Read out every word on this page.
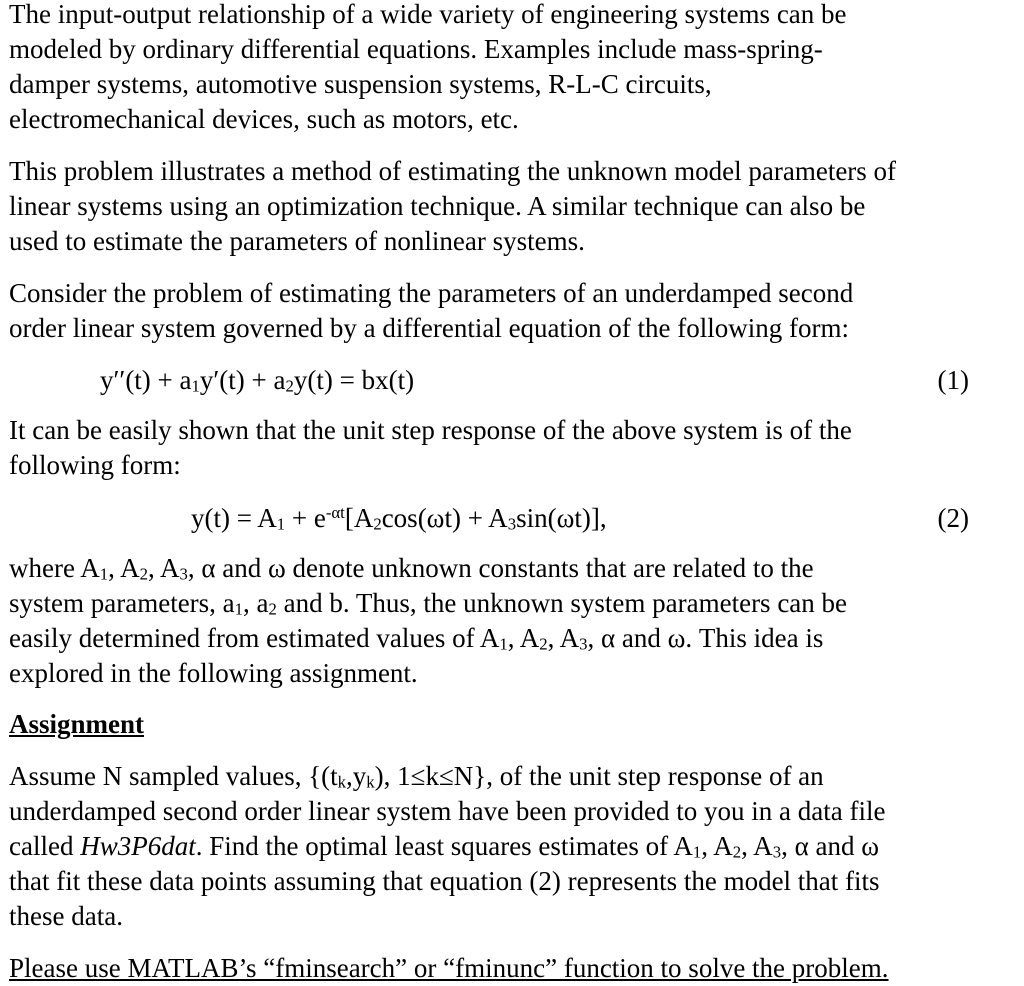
The input-output relationship of a wide variety of engineering systems can be
modeled by ordinary differential equations. Examples include mass-spring-
damper systems, automotive suspension systems, R-L-C circuits,
electromechanical devices, such as motors, etc.

This problem illustrates a method of estimating the unknown model parameters of
linear systems using an optimization technique. A similar technique can also be
used to estimate the parameters of nonlinear systems.

Consider the problem of estimating the parameters of an underdamped second
order linear system governed by a differential equation of the following form:

$y''(t) + a_1y'(t) + a_2y(t) = bx(t)$	(1)

It can be easily shown that the unit step response of the above system is of the
following form:

$y(t) = A_1 + e^{-\alpha t}[A_2\cos(\omega t) + A_3\sin(\omega t)]$,	(2)

where $A_1$, $A_2$, $A_3$, α and ω denote unknown constants that are related to the
system parameters, $a_1$, $a_2$ and b. Thus, the unknown system parameters can be
easily determined from estimated values of $A_1$, $A_2$, $A_3$, α and ω. This idea is
explored in the following assignment.

Assignment

Assume N sampled values, {$(t_k,y_k)$, 1≤k≤N}, of the unit step response of an
underdamped second order linear system have been provided to you in a data file
called Hw3P6dat. Find the optimal least squares estimates of $A_1$, $A_2$, $A_3$, α and ω
that fit these data points assuming that equation (2) represents the model that fits
these data.

Please use MATLAB’s “fminsearch” or “fminunc” function to solve the problem.
